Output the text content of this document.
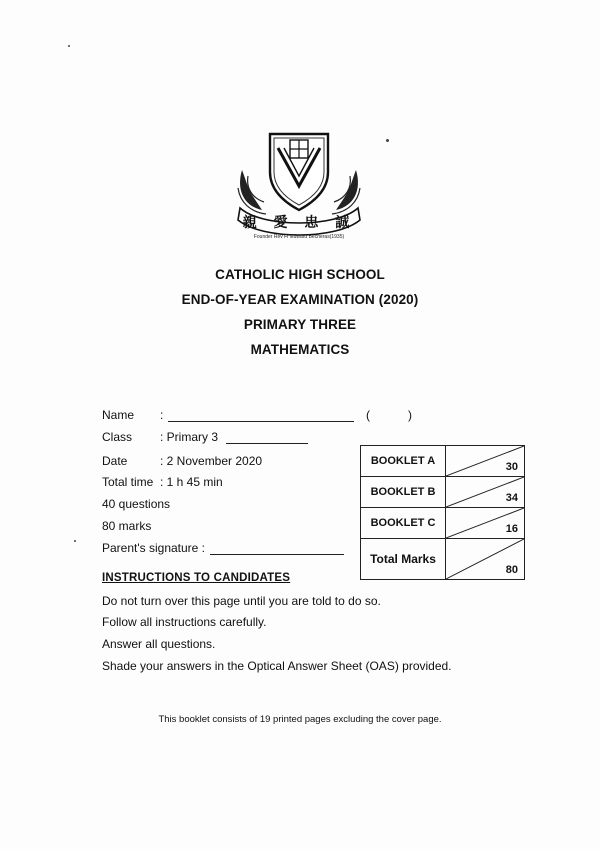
親 愛 忠 誠
Founder Rev Fr Edward Becheras(1935)
CATHOLIC HIGH SCHOOL
END-OF-YEAR EXAMINATION (2020)
PRIMARY THREE
MATHEMATICS
Name :	(	)
Class : Primary 3
Date	: 2 November 2020
Total time : 1 h 45 min
40 questions
80 marks
Parent's signature :
BOOKLET A	30

BOOKLET B	34

BOOKLET C	16

Total Marks	80
INSTRUCTIONS TO CANDIDATES
Do not turn over this page until you are told to do so.
Follow all instructions carefully.
Answer all questions.
Shade your answers in the Optical Answer Sheet (OAS) provided.
This booklet consists of 19 printed pages excluding the cover page.
